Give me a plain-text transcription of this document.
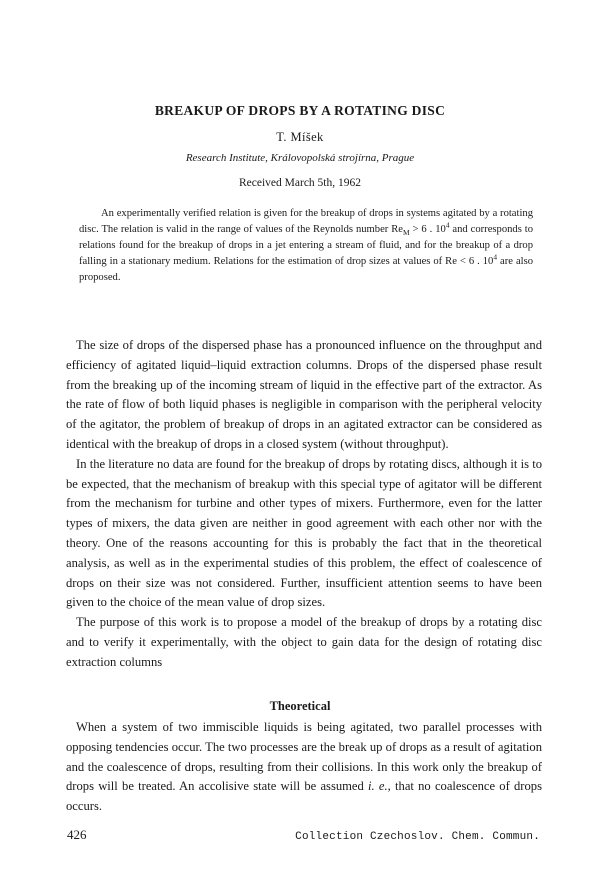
BREAKUP OF DROPS BY A ROTATING DISC
T. Míšek
Research Institute, Královopolská strojírna, Prague
Received March 5th, 1962

An experimentally verified relation is given for the breakup of drops in systems agitated by a rotating disc. The relation is valid in the range of values of the Reynolds number $Re_M > 6$ . $10^4$ and corresponds to relations found for the breakup of drops in a jet entering a stream of fluid, and for the breakup of a drop falling in a stationary medium. Relations for the estimation of drop sizes at values of Re < 6 . $10^4$ are also proposed.

The size of drops of the dispersed phase has a pronounced influence on the throughput and efficiency of agitated liquid–liquid extraction columns. Drops of the dispersed phase result from the breaking up of the incoming stream of liquid in the effective part of the extractor. As the rate of flow of both liquid phases is negligible in comparison with the peripheral velocity of the agitator, the problem of breakup of drops in an agitated extractor can be considered as identical with the breakup of drops in a closed system (without throughput).

In the literature no data are found for the breakup of drops by rotating discs, although it is to be expected, that the mechanism of breakup with this special type of agitator will be different from the mechanism for turbine and other types of mixers. Furthermore, even for the latter types of mixers, the data given are neither in good agreement with each other nor with the theory. One of the reasons accounting for this is probably the fact that in the theoretical analysis, as well as in the experimental studies of this problem, the effect of coalescence of drops on their size was not considered. Further, insufficient attention seems to have been given to the choice of the mean value of drop sizes.

The purpose of this work is to propose a model of the breakup of drops by a rotating disc and to verify it experimentally, with the object to gain data for the design of rotating disc extraction columns

Theoretical

When a system of two immiscible liquids is being agitated, two parallel processes with opposing tendencies occur. The two processes are the break up of drops as a result of agitation and the coalescence of drops, resulting from their collisions. In this work only the breakup of drops will be treated. An accolisive state will be assumed i. e., that no coalescence of drops occurs.

426	Collection Czechoslov. Chem. Commun.
